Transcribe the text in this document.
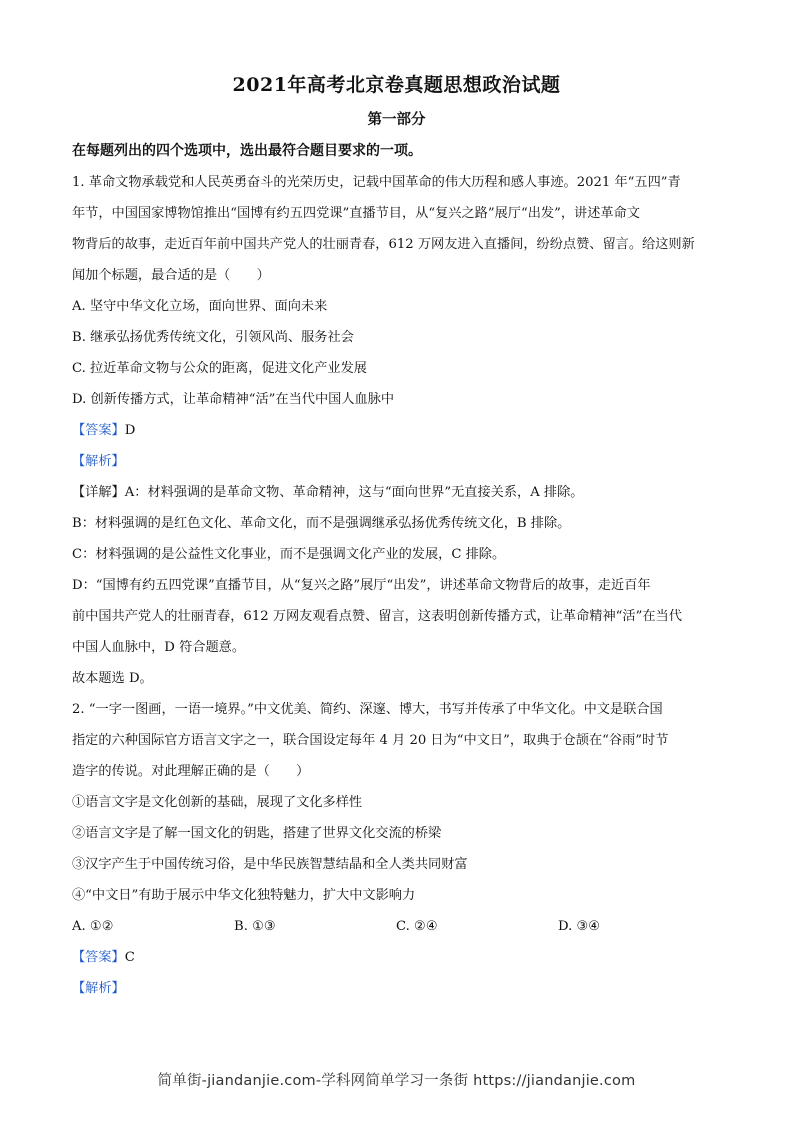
2021年高考北京卷真题思想政治试题
第一部分
在每题列出的四个选项中，选出最符合题目要求的一项。
1. 革命文物承载党和人民英勇奋斗的光荣历史，记载中国革命的伟大历程和感人事迹。2021 年“五四”青
年节，中国国家博物馆推出“国博有约五四党课”直播节目，从“复兴之路”展厅“出发”，讲述革命文
物背后的故事，走近百年前中国共产党人的壮丽青春，612 万网友进入直播间，纷纷点赞、留言。给这则新
闻加个标题，最合适的是（　　）
A. 坚守中华文化立场，面向世界、面向未来
B. 继承弘扬优秀传统文化，引领风尚、服务社会
C. 拉近革命文物与公众的距离，促进文化产业发展
D. 创新传播方式，让革命精神“活”在当代中国人血脉中
【答案】D
【解析】
【详解】A：材料强调的是革命文物、革命精神，这与“面向世界”无直接关系，A 排除。
B：材料强调的是红色文化、革命文化，而不是强调继承弘扬优秀传统文化，B 排除。
C：材料强调的是公益性文化事业，而不是强调文化产业的发展，C 排除。
D：“国博有约五四党课”直播节目，从“复兴之路”展厅“出发”，讲述革命文物背后的故事，走近百年
前中国共产党人的壮丽青春，612 万网友观看点赞、留言，这表明创新传播方式，让革命精神“活”在当代
中国人血脉中，D 符合题意。
故本题选 D。
2. “一字一图画，一语一境界。”中文优美、简约、深邃、博大，书写并传承了中华文化。中文是联合国
指定的六种国际官方语言文字之一，联合国设定每年 4 月 20 日为“中文日”，取典于仓颉在“谷雨”时节
造字的传说。对此理解正确的是（　　）
①语言文字是文化创新的基础，展现了文化多样性
②语言文字是了解一国文化的钥匙，搭建了世界文化交流的桥梁
③汉字产生于中国传统习俗，是中华民族智慧结晶和全人类共同财富
④“中文日”有助于展示中华文化独特魅力，扩大中文影响力
A. ①②	B. ①③	C. ②④	D. ③④
【答案】C
【解析】
简单街-jiandanjie.com-学科网简单学习一条街 https://jiandanjie.com
